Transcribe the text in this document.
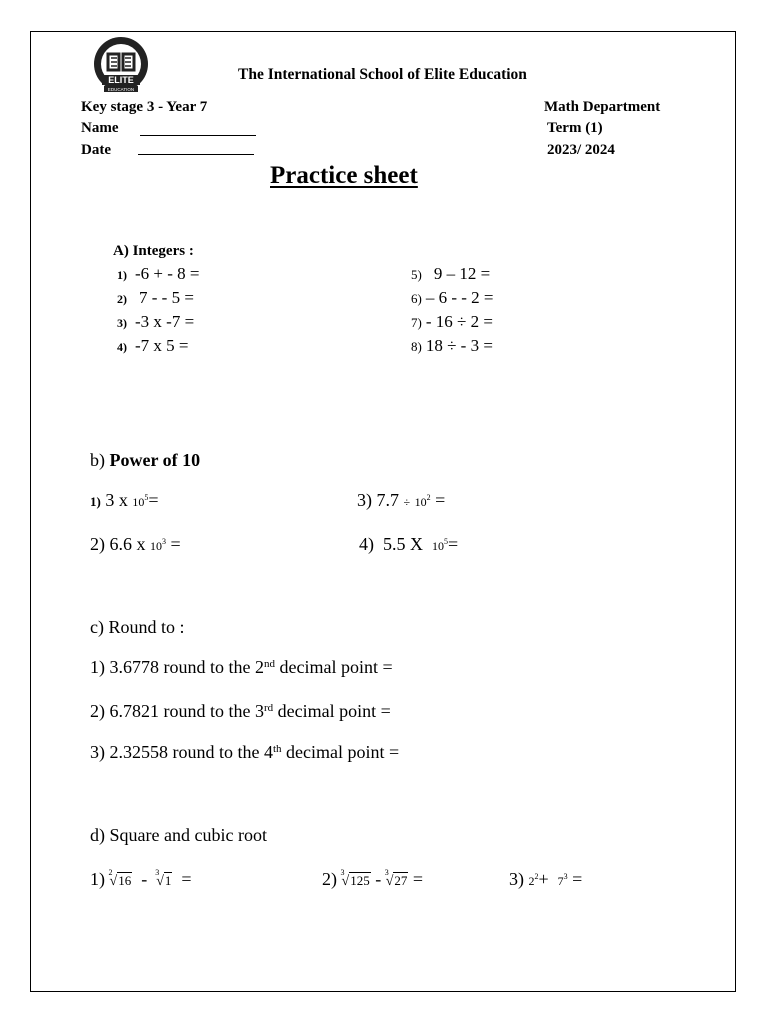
ELITE
EDUCATION
The International School of Elite Education
Key stage 3 - Year 7
Name
Date
Math Department
Term (1)
2023/ 2024
Practice sheet
A) Integers :
1) -6 + - 8 =
2) 7 - - 5 =
3) -3 x -7 =
4) -7 x 5 =
5) 9 – 12 =
6) – 6 - - 2 =
7) - 16 ÷ 2 =
8) 18 ÷ - 3 =
b) Power of 10
1) 3 x $10^5=$
2) 6.6 x $10^3$ =
3) $7.7 \div 10^2$ =
4) 5.5 X $10^5=$
c) Round to :
1) 3.6778 round to the 2nd decimal point =
2) 6.7821 round to the 3rd decimal point =
3) 2.32558 round to the 4th decimal point =
d) Square and cubic root
1) 2
√16 - 3
√1 =	2) 3
√125 - 3
√27 =	3) $2^2+ 7^3$ =
